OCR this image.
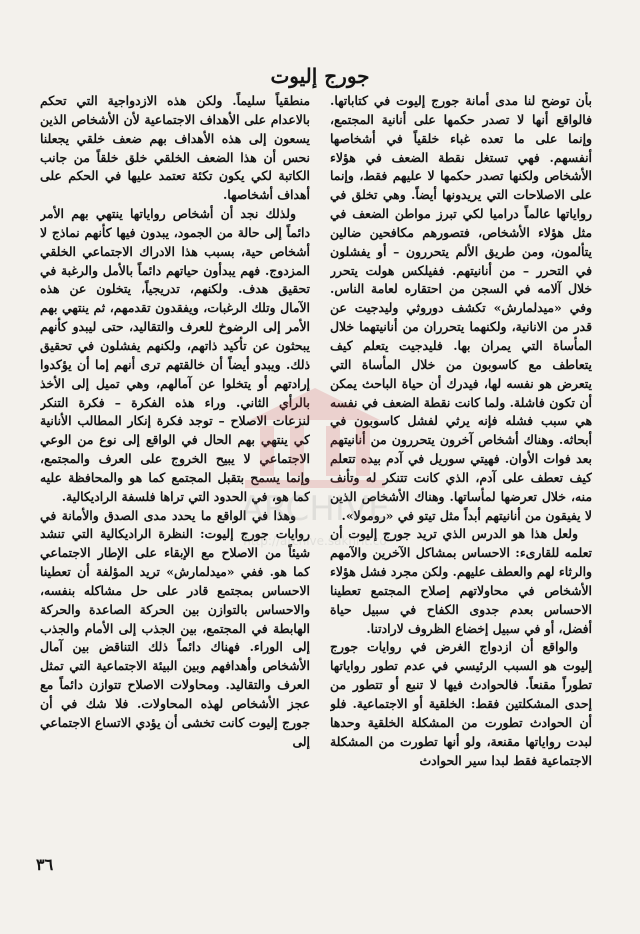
جورج إليوت

بأن توضح لنا مدى أمانة جورج إليوت في كتاباتها. فالواقع أنها لا تصدر حكمها على أنانية المجتمع، وإنما على ما تعده غباء خلقياً في أشخاصها أنفسهم. فهي تستغل نقطة الضعف في هؤلاء الأشخاص ولكنها تصدر حكمها لا عليهم فقط، وإنما على الاصلاحات التي يريدونها أيضاً. وهي تخلق في رواياتها عالماً دراميا لكي تبرز مواطن الضعف في مثل هؤلاء الأشخاص، فتصورهم مكافحين ضالين يتألمون، ومن طريق الألم يتحررون – أو يفشلون في التحرر – من أنانيتهم. ففيلكس هولت يتحرر خلال آلامه في السجن من احتقاره لعامة الناس. وفي «ميدلمارش» تكشف دوروثي وليدجيت عن قدر من الانانية، ولكنهما يتحرران من أنانيتهما خلال المأساة التي يمران بها. فليدجيت يتعلم كيف يتعاطف مع كاسوبون من خلال المأساة التي يتعرض هو نفسه لها، فيدرك أن حياة الباحث يمكن أن تكون فاشلة. ولما كانت نقطة الضعف في نفسه هي سبب فشله فإنه يرثي لفشل كاسوبون في أبحاثه. وهناك أشخاص آخرون يتحررون من أنانيتهم بعد فوات الأوان. فهيتي سوريل في آدم بيده تتعلم كيف تعطف على آدم، الذي كانت تتنكر له وتأنف منه، خلال تعرضها لمأساتها. وهناك الأشخاص الذين لا يفيقون من أنانيتهم أبداً مثل تيتو في «رومولا».

ولعل هذا هو الدرس الذي تريد جورج إليوت أن تعلمه للقارىء: الاحساس بمشاكل الآخرين والآمهم والرثاء لهم والعطف عليهم. ولكن مجرد فشل هؤلاء الأشخاص في محاولاتهم إصلاح المجتمع تعطينا الاحساس بعدم جدوى الكفاح في سبيل حياة أفضل، أو في سبيل إخضاع الظروف لارادتنا.

والواقع أن ازدواج الغرض في روايات جورج إليوت هو السبب الرئيسي في عدم تطور رواياتها تطوراً مقنعاً. فالحوادث فيها لا تنبع أو تتطور من إحدى المشكلتين فقط: الخلقية أو الاجتماعية. فلو أن الحوادث تطورت من المشكلة الخلقية وحدها لبدت رواياتها مقنعة، ولو أنها تطورت من المشكلة الاجتماعية فقط لبدا سير الحوادث

منطقياً سليماً. ولكن هذه الازدواجية التي تحكم بالاعدام على الأهداف الاجتماعية لأن الأشخاص الذين يسعون إلى هذه الأهداف بهم ضعف خلقي يجعلنا نحس أن هذا الضعف الخلقي خلق خلقاً من جانب الكاتبة لكي يكون تكئة تعتمد عليها في الحكم على أهداف أشخاصها.

ولذلك نجد أن أشخاص رواياتها ينتهي بهم الأمر دائماً إلى حالة من الجمود، يبدون فيها كأنهم نماذج لا أشخاص حية، بسبب هذا الادراك الاجتماعي الخلقي المزدوج. فهم يبدأون حياتهم دائماً بالأمل والرغبة في تحقيق هدف. ولكنهم، تدريجياً، يتخلون عن هذه الآمال وتلك الرغبات، ويفقدون تقدمهم، ثم ينتهي بهم الأمر إلى الرضوخ للعرف والتقاليد، حتى ليبدو كأنهم يبحثون عن تأكيد ذاتهم، ولكنهم يفشلون في تحقيق ذلك. ويبدو أيضاً أن خالقتهم ترى أنهم إما أن يؤكدوا إرادتهم أو يتخلوا عن آمالهم، وهي تميل إلى الأخذ بالرأي الثاني. وراء هذه الفكرة – فكرة التنكر لنزعات الاصلاح – توجد فكرة إنكار المطالب الأنانية كي ينتهي بهم الحال في الواقع إلى نوع من الوعي الاجتماعي لا يبيح الخروج على العرف والمجتمع، وإنما يسمح بتقبل المجتمع كما هو والمحافظة عليه كما هو، في الحدود التي تراها فلسفة الراديكالية.

وهذا في الواقع ما يحدد مدى الصدق والأمانة في روايات جورج إليوت: النظرة الراديكالية التي تنشد شيئاً من الاصلاح مع الإبقاء على الإطار الاجتماعي كما هو. ففي «ميدلمارش» تريد المؤلفة أن تعطينا الاحساس بمجتمع قادر على حل مشاكله بنفسه، والاحساس بالتوازن بين الحركة الصاعدة والحركة الهابطة في المجتمع، بين الجذب إلى الأمام والجذب إلى الوراء. فهناك دائماً ذلك التناقض بين آمال الأشخاص وأهدافهم وبين البيئة الاجتماعية التي تمثل العرف والتقاليد. ومحاولات الاصلاح تتوازن دائماً مع عجز الأشخاص لهذه المحاولات. فلا شك في أن جورج إليوت كانت تخشى أن يؤدي الاتساع الاجتماعي إلى

ARCHIVE
http://archive.sakhrit.co
٣٦
